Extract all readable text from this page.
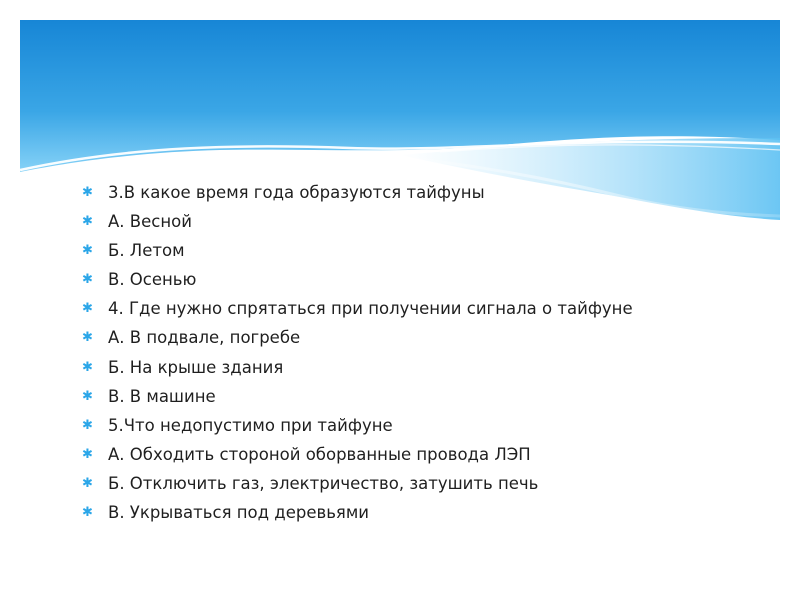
✱ 3.В какое время года образуются тайфуны
✱ А. Весной
✱ Б. Летом
✱ В. Осенью
✱ 4. Где нужно спрятаться при получении сигнала о тайфуне
✱ А. В подвале, погребе
✱ Б. На крыше здания
✱ В. В машине
✱ 5.Что недопустимо при тайфуне
✱ А. Обходить стороной оборванные провода ЛЭП
✱ Б. Отключить газ, электричество, затушить печь
✱ В. Укрываться под деревьями
